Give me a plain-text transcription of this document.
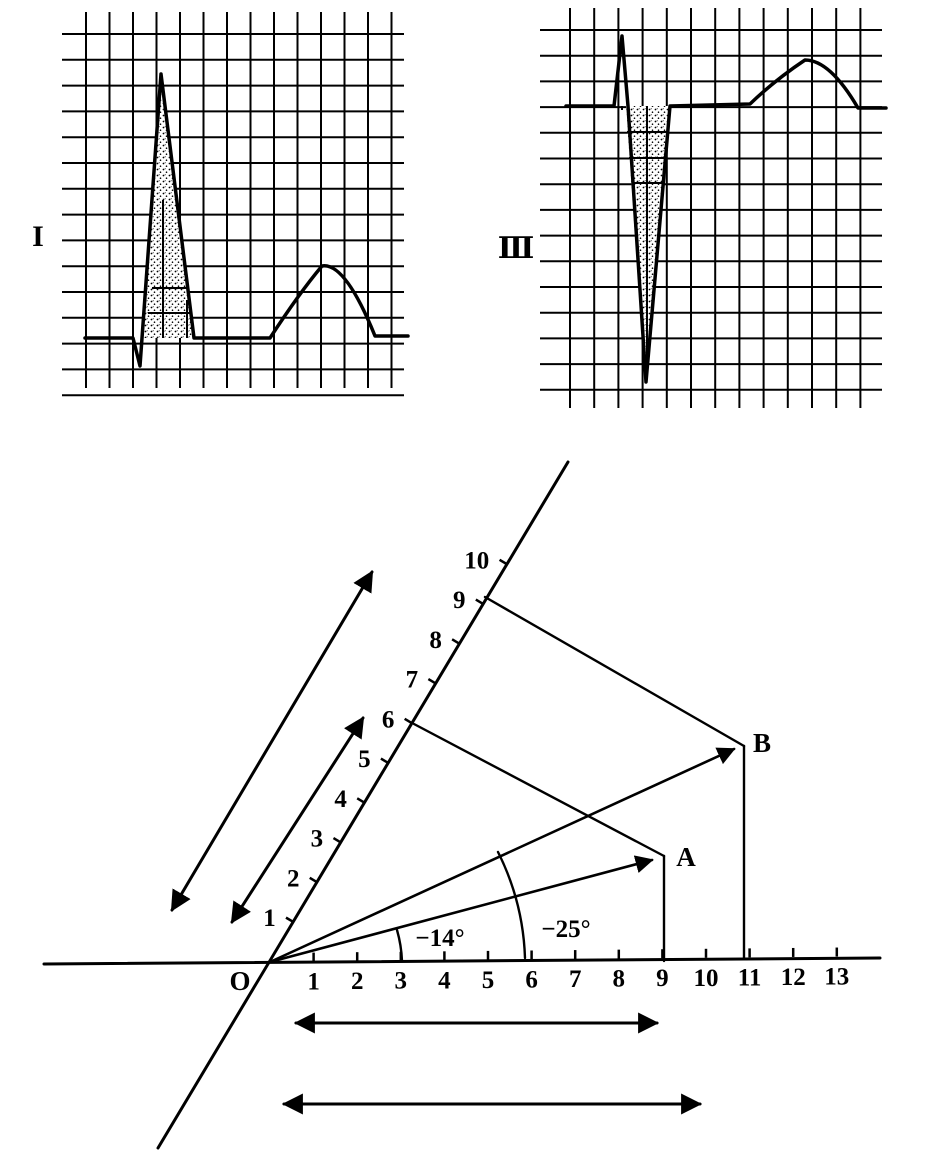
I	Ⅲ
1 2 3 4 5 6 7 8 9 10 11 12 13
1
2
3
4
5
6
7
8
9
10
O
A
B
−14°	−25°
